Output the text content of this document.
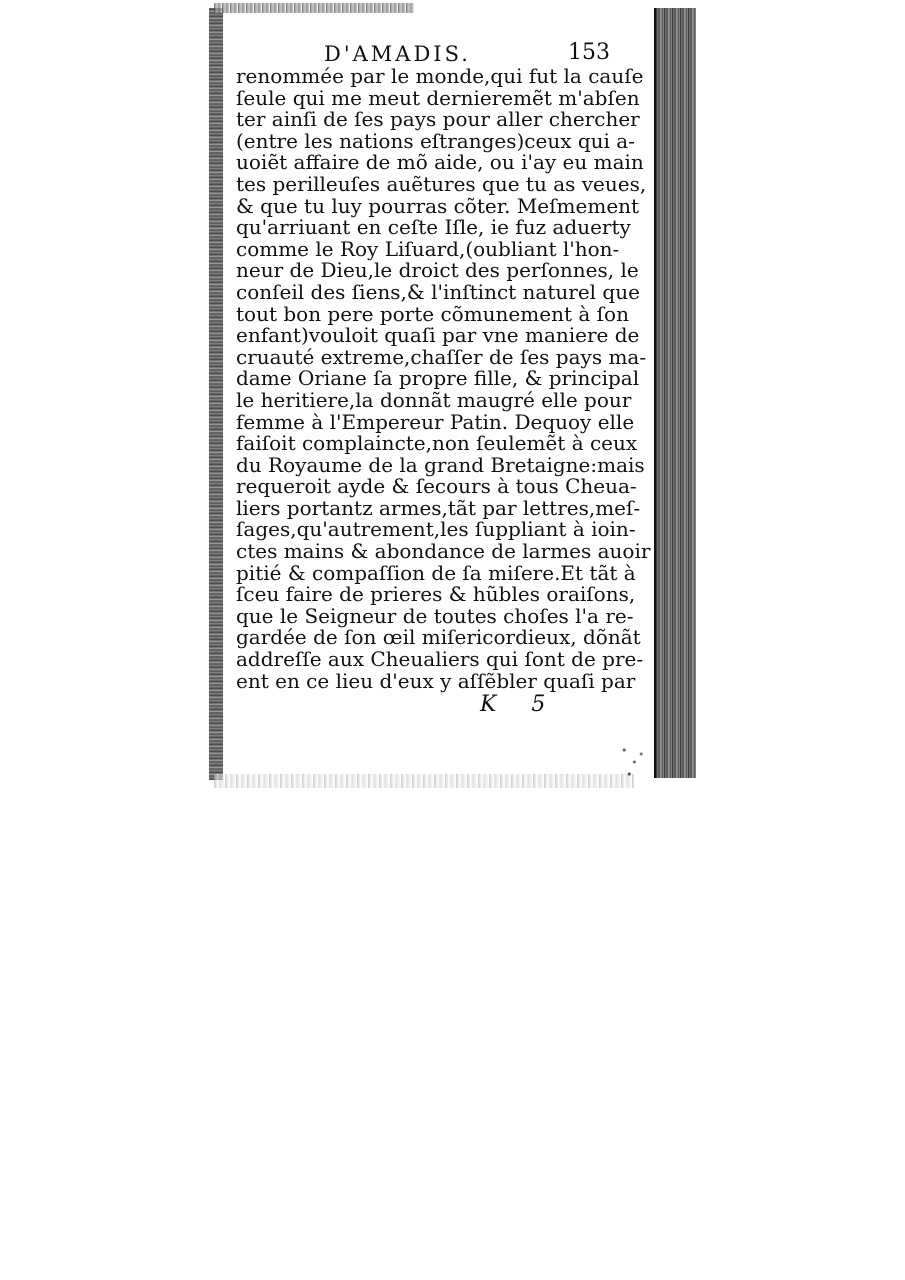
D'AMADIS.	153
renommée par le monde,qui fut la cauſe
ſeule qui me meut dernieremẽt m'abſen
ter ainſi de ſes pays pour aller chercher
(entre les nations eſtranges)ceux qui a-
uoiẽt affaire de mõ aide, ou i'ay eu main
tes perilleuſes auẽtures que tu as veues,
& que tu luy pourras cõter. Meſmement
qu'arriuant en ceſte Iſle, ie fuz aduerty
comme le Roy Liſuard,(oubliant l'hon-
neur de Dieu,le droict des perſonnes, le
conſeil des ſiens,& l'inſtinct naturel que
tout bon pere porte cõmunement à ſon
enfant)vouloit quaſi par vne maniere de
cruauté extreme,chaſſer de ſes pays ma-
dame Oriane ſa propre fille, & principal
le heritiere,la donnãt maugré elle pour
femme à l'Empereur Patin. Dequoy elle
faiſoit complaincte,non ſeulemẽt à ceux
du Royaume de la grand Bretaigne:mais
requeroit ayde & ſecours à tous Cheua-
liers portantz armes,tãt par lettres,meſ-
ſages,qu'autrement,les ſuppliant à ioin-
ctes mains & abondance de larmes auoir
pitié & compaſſion de ſa miſere.Et tãt à
ſceu faire de prieres & hũbles oraiſons,
que le Seigneur de toutes choſes l'a re-
gardée de ſon œil miſericordieux, dõnãt
addreſſe aux Cheualiers qui ſont de pre-
ent en ce lieu d'eux y aſſẽbler quaſi par
K 5
